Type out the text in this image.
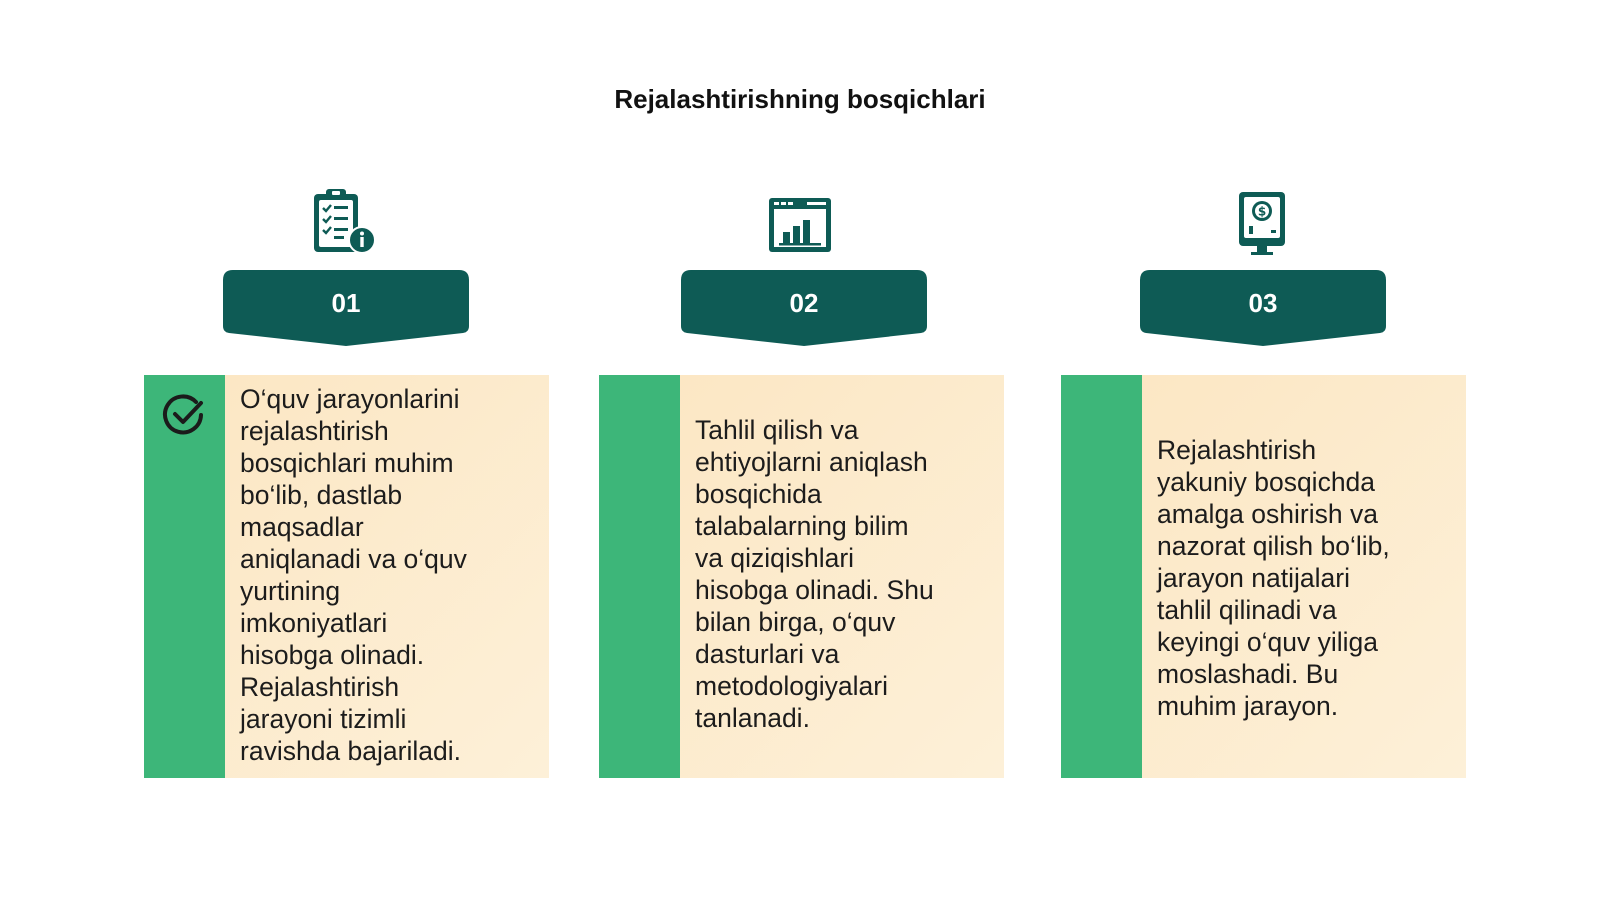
Rejalashtirishning bosqichlari
01
O‘quv jarayonlarini
rejalashtirish
bosqichlari muhim
bo‘lib, dastlab
maqsadlar
aniqlanadi va o‘quv
yurtining
imkoniyatlari
hisobga olinadi.
Rejalashtirish
jarayoni tizimli
ravishda bajariladi.
02
Tahlil qilish va
ehtiyojlarni aniqlash
bosqichida
talabalarning bilim
va qiziqishlari
hisobga olinadi. Shu
bilan birga, o‘quv
dasturlari va
metodologiyalari
tanlanadi.
$
03
Rejalashtirish
yakuniy bosqichda
amalga oshirish va
nazorat qilish bo‘lib,
jarayon natijalari
tahlil qilinadi va
keyingi o‘quv yiliga
moslashadi. Bu
muhim jarayon.
